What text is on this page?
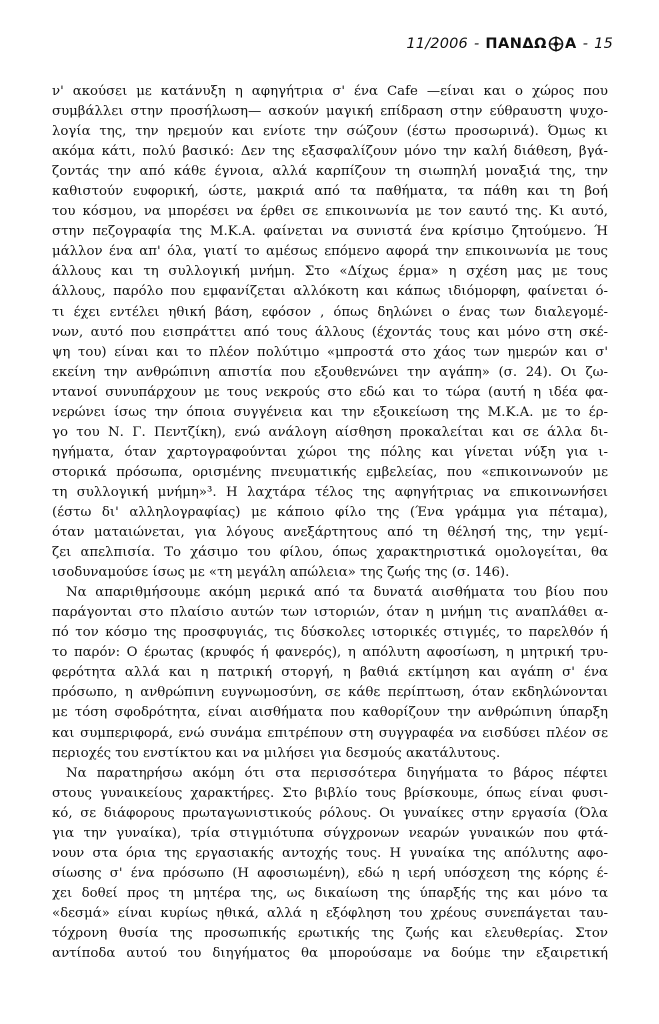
11/2006 - ΠΑΝΔΩ Α - 15
ν' ακούσει με κατάνυξη η αφηγήτρια σ' ένα Cafe —είναι και ο χώρος που
συμβάλλει στην προσήλωση— ασκούν μαγική επίδραση στην εύθραυστη ψυχο-
λογία της, την ηρεμούν και ενίοτε την σώζουν (έστω προσωρινά). Όμως κι
ακόμα κάτι, πολύ βασικό: Δεν της εξασφαλίζουν μόνο την καλή διάθεση, βγά-
ζοντάς την από κάθε έγνοια, αλλά καρπίζουν τη σιωπηλή μοναξιά της, την
καθιστούν ευφορική, ώστε, μακριά από τα παθήματα, τα πάθη και τη βοή
του κόσμου, να μπορέσει να έρθει σε επικοινωνία με τον εαυτό της. Κι αυτό,
στην πεζογραφία της Μ.Κ.Α. φαίνεται να συνιστά ένα κρίσιμο ζητούμενο. Ή
μάλλον ένα απ' όλα, γιατί το αμέσως επόμενο αφορά την επικοινωνία με τους
άλλους και τη συλλογική μνήμη. Στο «Δίχως έρμα» η σχέση μας με τους
άλλους, παρόλο που εμφανίζεται αλλόκοτη και κάπως ιδιόμορφη, φαίνεται ό-
τι έχει εντέλει ηθική βάση, εφόσον , όπως δηλώνει ο ένας των διαλεγομέ-
νων, αυτό που εισπράττει από τους άλλους (έχοντάς τους και μόνο στη σκέ-
ψη του) είναι και το πλέον πολύτιμο «μπροστά στο χάος των ημερών και σ'
εκείνη την ανθρώπινη απιστία που εξουθενώνει την αγάπη» (σ. 24). Οι ζω-
ντανοί συνυπάρχουν με τους νεκρούς στο εδώ και το τώρα (αυτή η ιδέα φα-
νερώνει ίσως την όποια συγγένεια και την εξοικείωση της Μ.Κ.Α. με το έρ-
γο του Ν. Γ. Πεντζίκη), ενώ ανάλογη αίσθηση προκαλείται και σε άλλα δι-
ηγήματα, όταν χαρτογραφούνται χώροι της πόλης και γίνεται νύξη για ι-
στορικά πρόσωπα, ορισμένης πνευματικής εμβελείας, που «επικοινωνούν με
τη συλλογική μνήμη»³. Η λαχτάρα τέλος της αφηγήτριας να επικοινωνήσει
(έστω δι' αλληλογραφίας) με κάποιο φίλο της (Ένα γράμμα για πέταμα),
όταν ματαιώνεται, για λόγους ανεξάρτητους από τη θέλησή της, την γεμί-
ζει απελπισία. Το χάσιμο του φίλου, όπως χαρακτηριστικά ομολογείται, θα
ισοδυναμούσε ίσως με «τη μεγάλη απώλεια» της ζωής της (σ. 146).
Να απαριθμήσουμε ακόμη μερικά από τα δυνατά αισθήματα του βίου που
παράγονται στο πλαίσιο αυτών των ιστοριών, όταν η μνήμη τις αναπλάθει α-
πό τον κόσμο της προσφυγιάς, τις δύσκολες ιστορικές στιγμές, το παρελθόν ή
το παρόν: Ο έρωτας (κρυφός ή φανερός), η απόλυτη αφοσίωση, η μητρική τρυ-
φερότητα αλλά και η πατρική στοργή, η βαθιά εκτίμηση και αγάπη σ' ένα
πρόσωπο, η ανθρώπινη ευγνωμοσύνη, σε κάθε περίπτωση, όταν εκδηλώνονται
με τόση σφοδρότητα, είναι αισθήματα που καθορίζουν την ανθρώπινη ύπαρξη
και συμπεριφορά, ενώ συνάμα επιτρέπουν στη συγγραφέα να εισδύσει πλέον σε
περιοχές του ενστίκτου και να μιλήσει για δεσμούς ακατάλυτους.
Να παρατηρήσω ακόμη ότι στα περισσότερα διηγήματα το βάρος πέφτει
στους γυναικείους χαρακτήρες. Στο βιβλίο τους βρίσκουμε, όπως είναι φυσι-
κό, σε διάφορους πρωταγωνιστικούς ρόλους. Οι γυναίκες στην εργασία (Όλα
για την γυναίκα), τρία στιγμιότυπα σύγχρονων νεαρών γυναικών που φτά-
νουν στα όρια της εργασιακής αντοχής τους. Η γυναίκα της απόλυτης αφο-
σίωσης σ' ένα πρόσωπο (Η αφοσιωμένη), εδώ η ιερή υπόσχεση της κόρης έ-
χει δοθεί προς τη μητέρα της, ως δικαίωση της ύπαρξής της και μόνο τα
«δεσμά» είναι κυρίως ηθικά, αλλά η εξόφληση του χρέους συνεπάγεται ταυ-
τόχρονη θυσία της προσωπικής ερωτικής της ζωής και ελευθερίας. Στον
αντίποδα αυτού του διηγήματος θα μπορούσαμε να δούμε την εξαιρετική
